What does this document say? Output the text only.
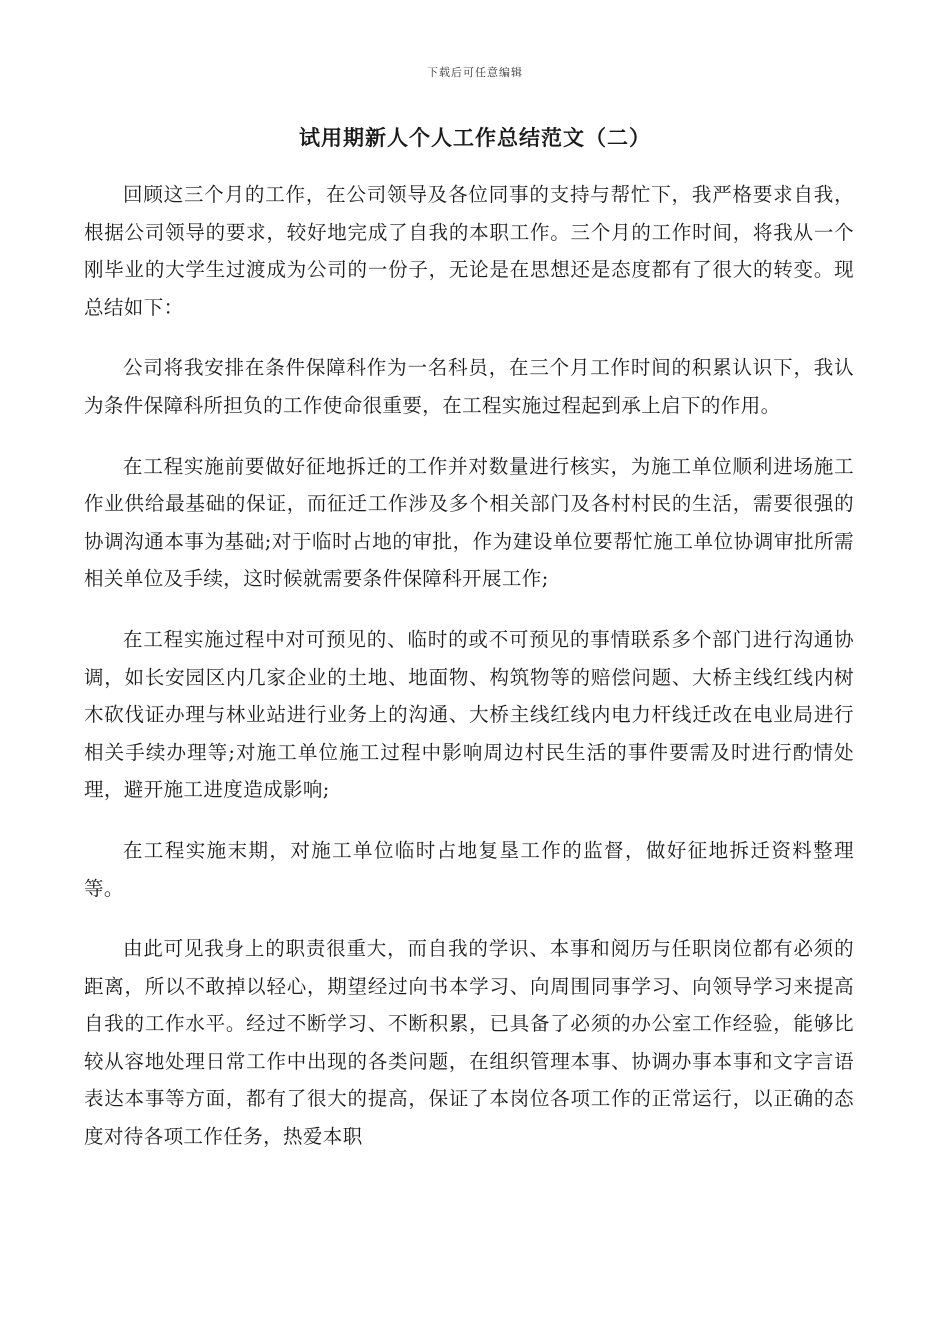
下载后可任意编辑
试用期新人个人工作总结范文（二）

回顾这三个月的工作，在公司领导及各位同事的支持与帮忙下，我严格要求自我，根据公司领导的要求，较好地完成了自我的本职工作。三个月的工作时间，将我从一个刚毕业的大学生过渡成为公司的一份子，无论是在思想还是态度都有了很大的转变。现总结如下：

公司将我安排在条件保障科作为一名科员，在三个月工作时间的积累认识下，我认为条件保障科所担负的工作使命很重要，在工程实施过程起到承上启下的作用。

在工程实施前要做好征地拆迁的工作并对数量进行核实，为施工单位顺利进场施工作业供给最基础的保证，而征迁工作涉及多个相关部门及各村村民的生活，需要很强的协调沟通本事为基础;对于临时占地的审批，作为建设单位要帮忙施工单位协调审批所需相关单位及手续，这时候就需要条件保障科开展工作;

在工程实施过程中对可预见的、临时的或不可预见的事情联系多个部门进行沟通协调，如长安园区内几家企业的土地、地面物、构筑物等的赔偿问题、大桥主线红线内树木砍伐证办理与林业站进行业务上的沟通、大桥主线红线内电力杆线迁改在电业局进行相关手续办理等;对施工单位施工过程中影响周边村民生活的事件要需及时进行酌情处理，避开施工进度造成影响;

在工程实施末期，对施工单位临时占地复垦工作的监督，做好征地拆迁资料整理等。

由此可见我身上的职责很重大，而自我的学识、本事和阅历与任职岗位都有必须的距离，所以不敢掉以轻心，期望经过向书本学习、向周围同事学习、向领导学习来提高自我的工作水平。经过不断学习、不断积累，已具备了必须的办公室工作经验，能够比较从容地处理日常工作中出现的各类问题，在组织管理本事、协调办事本事和文字言语表达本事等方面，都有了很大的提高，保证了本岗位各项工作的正常运行，以正确的态度对待各项工作任务，热爱本职
